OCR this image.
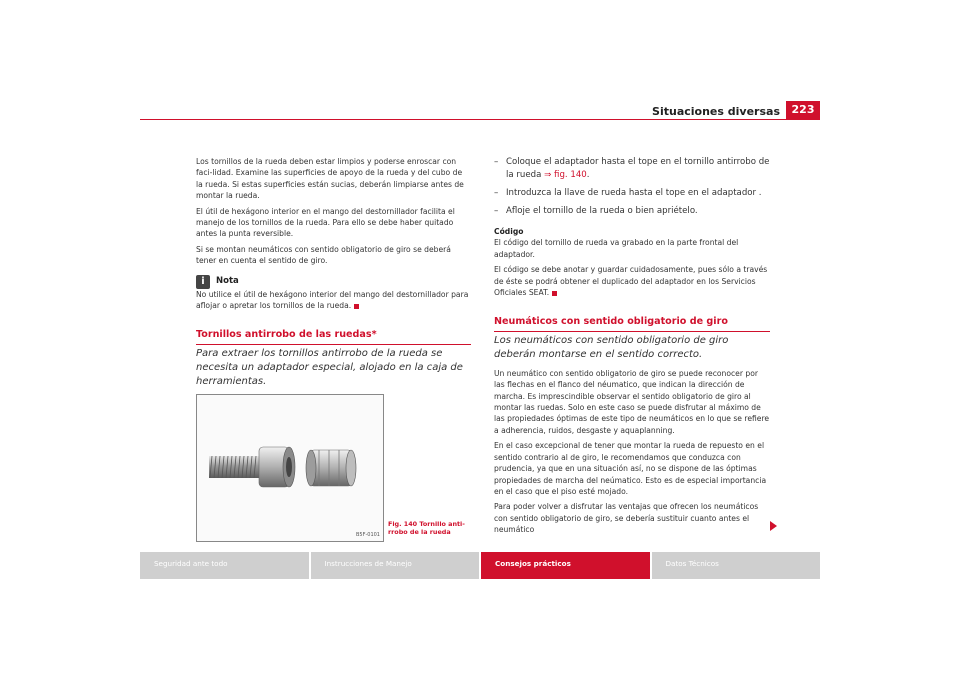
Situaciones diversas	223

Los tornillos de la rueda deben estar limpios y poderse enroscar con faci-lidad. Examine las superficies de apoyo de la rueda y del cubo de la rueda. Si estas superficies están sucias, deberán limpiarse antes de montar la rueda.

El útil de hexágono interior en el mango del destornillador facilita el manejo de los tornillos de la rueda. Para ello se debe haber quitado antes la punta reversible.

Si se montan neumáticos con sentido obligatorio de giro se deberá tener en cuenta el sentido de giro.

i	Nota

No utilice el útil de hexágono interior del mango del destornillador para aflojar o apretar los tornillos de la rueda.

Tornillos antirrobo de las ruedas*

Para extraer los tornillos antirrobo de la rueda se necesita un adaptador especial, alojado en la caja de herramientas.

B5F-0101
Fig. 140 Tornillo anti-
rrobo de la rueda
– Coloque el adaptador hasta el tope en el tornillo antirrobo de la rueda ⇒ fig. 140.
– Introduzca la llave de rueda hasta el tope en el adaptador .
– Afloje el tornillo de la rueda o bien apriételo.
Código

El código del tornillo de rueda va grabado en la parte frontal del adaptador.

El código se debe anotar y guardar cuidadosamente, pues sólo a través de éste se podrá obtener el duplicado del adaptador en los Servicios Oficiales SEAT.

Neumáticos con sentido obligatorio de giro

Los neumáticos con sentido obligatorio de giro deberán montarse en el sentido correcto.

Un neumático con sentido obligatorio de giro se puede reconocer por las flechas en el flanco del néumatico, que indican la dirección de marcha. Es imprescindible observar el sentido obligatorio de giro al montar las ruedas. Solo en este caso se puede disfrutar al máximo de las propiedades óptimas de este tipo de neumáticos en lo que se refiere a adherencia, ruidos, desgaste y aquaplanning.

En el caso excepcional de tener que montar la rueda de repuesto en el sentido contrario al de giro, le recomendamos que conduzca con prudencia, ya que en una situación así, no se dispone de las óptimas propiedades de marcha del neúmatico. Esto es de especial importancia en el caso que el piso esté mojado.

Para poder volver a disfrutar las ventajas que ofrecen los neumáticos con sentido obligatorio de giro, se debería sustituir cuanto antes el neumático

Seguridad ante todo	Instrucciones de Manejo	Consejos prácticos	Datos Técnicos
